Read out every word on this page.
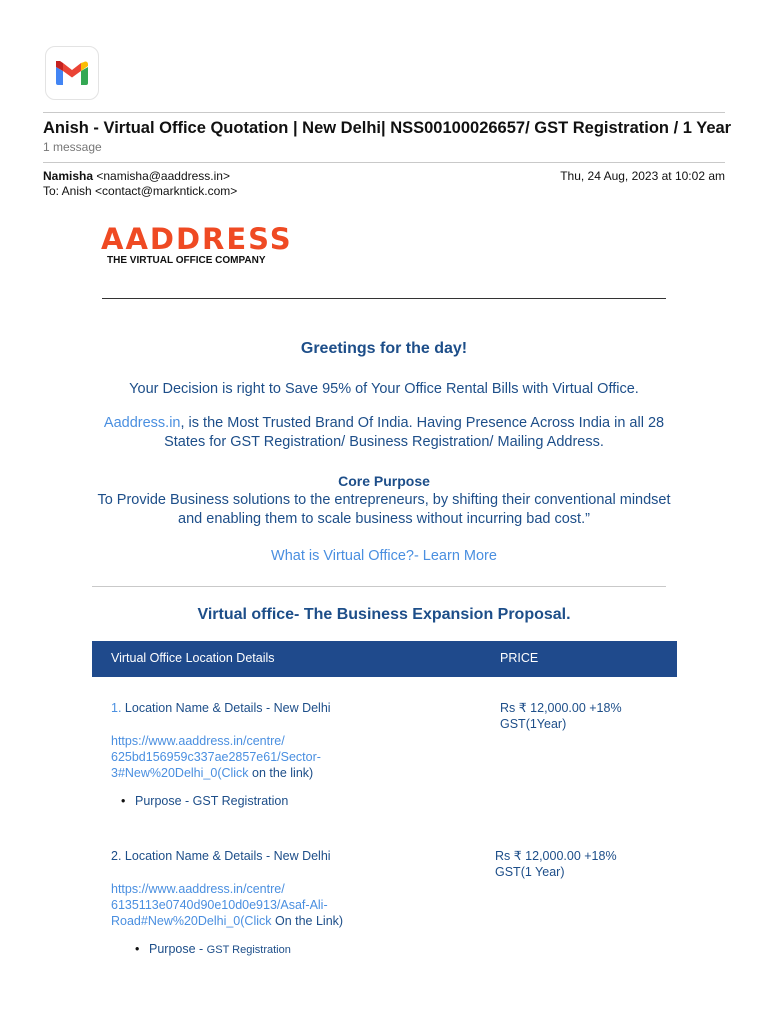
Anish - Virtual Office Quotation | New Delhi| NSS00100026657/ GST Registration / 1 Year
1 message
Namisha <namisha@aaddress.in>
To: Anish <contact@markntick.com>
Thu, 24 Aug, 2023 at 10:02 am
AADDRESS
THE VIRTUAL OFFICE COMPANY
Greetings for the day!
Your Decision is right to Save 95% of Your Office Rental Bills with Virtual Office.
Aaddress.in, is the Most Trusted Brand Of India. Having Presence Across India in all 28 States for GST Registration/ Business Registration/ Mailing Address.
Core Purpose
To Provide Business solutions to the entrepreneurs, by shifting their conventional mindset and enabling them to scale business without incurring bad cost.”
What is Virtual Office?- Learn More
Virtual office- The Business Expansion Proposal.
Virtual Office Location Details	PRICE
1. Location Name & Details - New Delhi
https://www.aaddress.in/centre/
625bd156959c337ae2857e61/Sector-
3#New%20Delhi_0(Click on the link)
• Purpose - GST Registration
Rs ₹ 12,000.00 +18%
GST(1Year)
2. Location Name & Details - New Delhi
https://www.aaddress.in/centre/
6135113e0740d90e10d0e913/Asaf-Ali-
Road#New%20Delhi_0(Click On the Link)
• Purpose - GST Registration
Rs ₹ 12,000.00 +18%
GST(1 Year)
